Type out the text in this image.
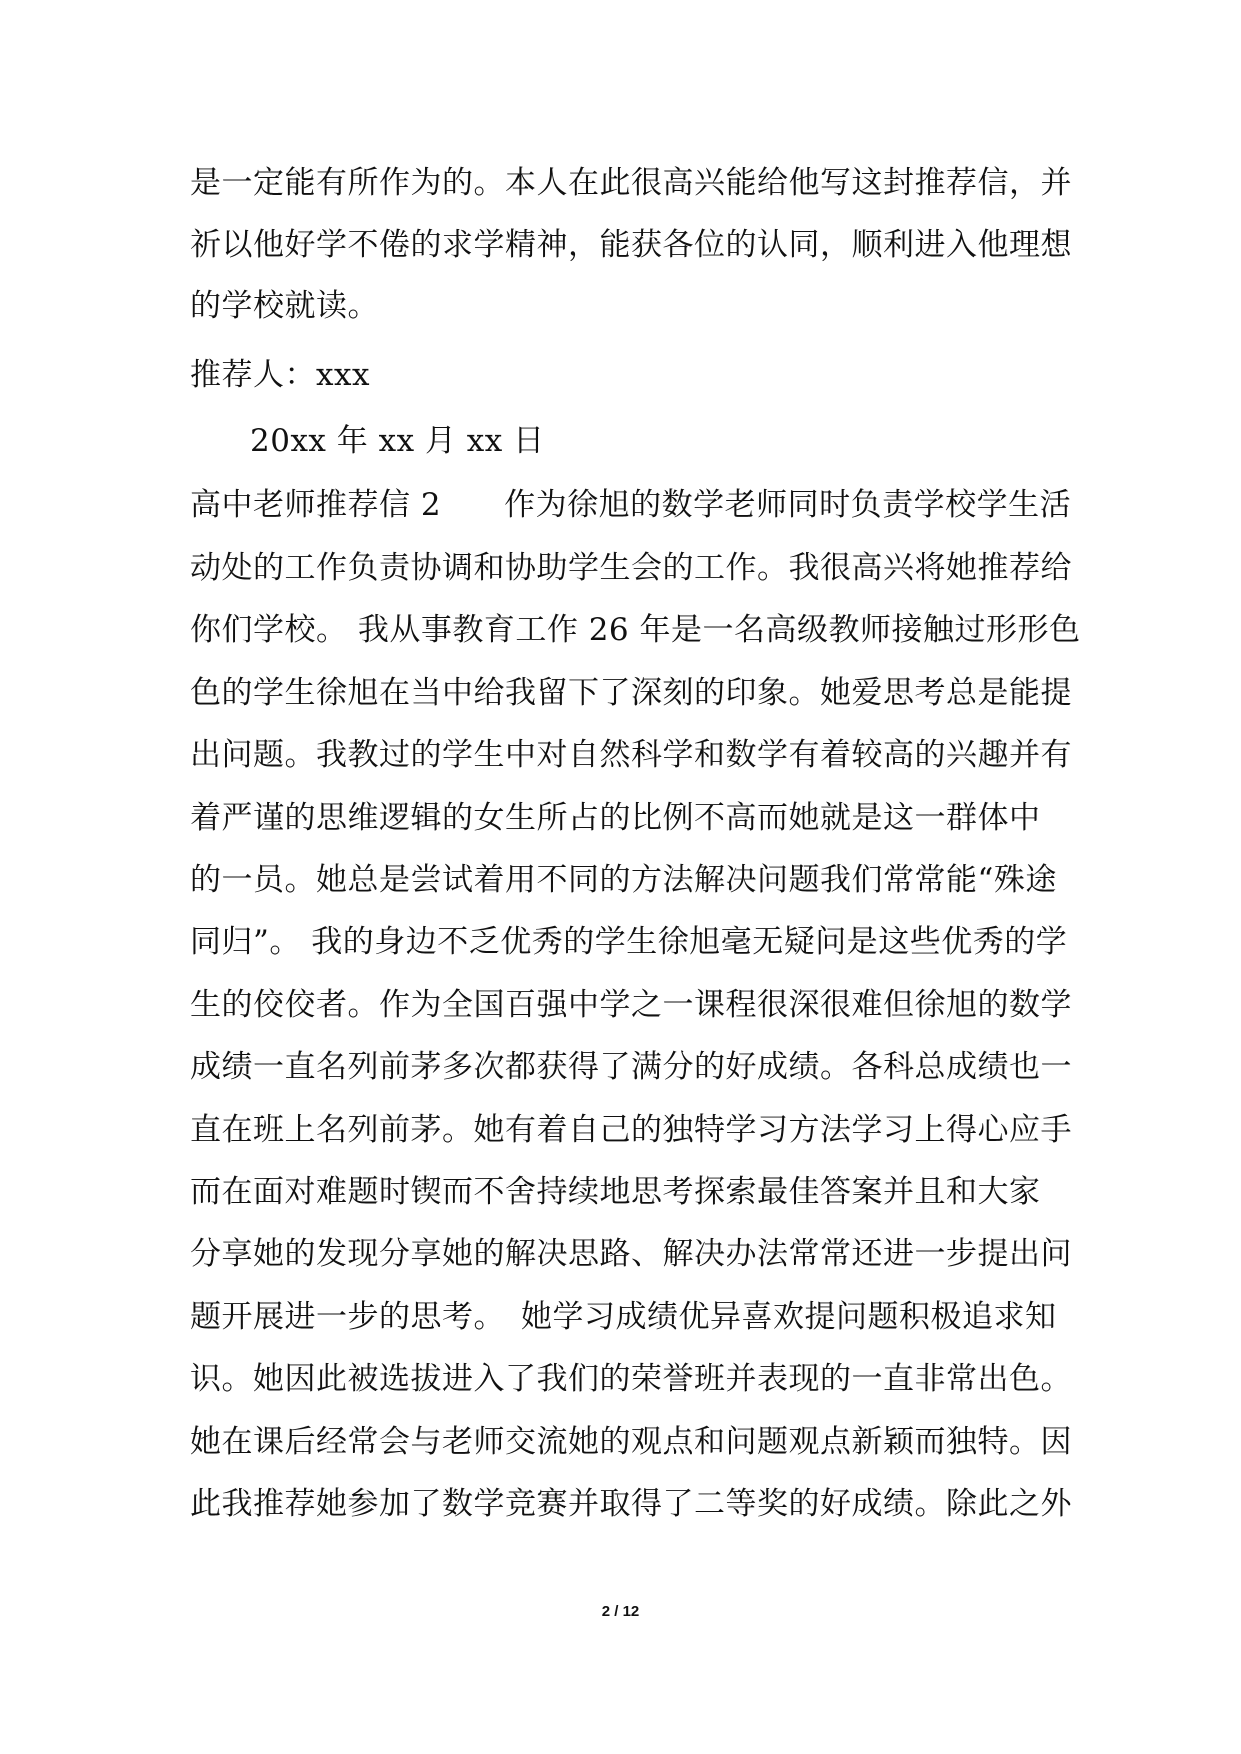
是一定能有所作为的。本人在此很高兴能给他写这封推荐信，并
祈以他好学不倦的求学精神，能获各位的认同，顺利进入他理想
的学校就读。
推荐人：xxx
20xx 年 xx 月 xx 日
高中老师推荐信 2　　作为徐旭的数学老师同时负责学校学生活
动处的工作负责协调和协助学生会的工作。我很高兴将她推荐给
你们学校。 我从事教育工作 26 年是一名高级教师接触过形形色
色的学生徐旭在当中给我留下了深刻的印象。她爱思考总是能提
出问题。我教过的学生中对自然科学和数学有着较高的兴趣并有
着严谨的思维逻辑的女生所占的比例不高而她就是这一群体中
的一员。她总是尝试着用不同的方法解决问题我们常常能“殊途
同归”。 我的身边不乏优秀的学生徐旭毫无疑问是这些优秀的学
生的佼佼者。作为全国百强中学之一课程很深很难但徐旭的数学
成绩一直名列前茅多次都获得了满分的好成绩。各科总成绩也一
直在班上名列前茅。她有着自己的独特学习方法学习上得心应手
而在面对难题时锲而不舍持续地思考探索最佳答案并且和大家
分享她的发现分享她的解决思路、解决办法常常还进一步提出问
题开展进一步的思考。　她学习成绩优异喜欢提问题积极追求知
识。她因此被选拔进入了我们的荣誉班并表现的一直非常出色。
她在课后经常会与老师交流她的观点和问题观点新颖而独特。因
此我推荐她参加了数学竞赛并取得了二等奖的好成绩。除此之外
2 / 12
